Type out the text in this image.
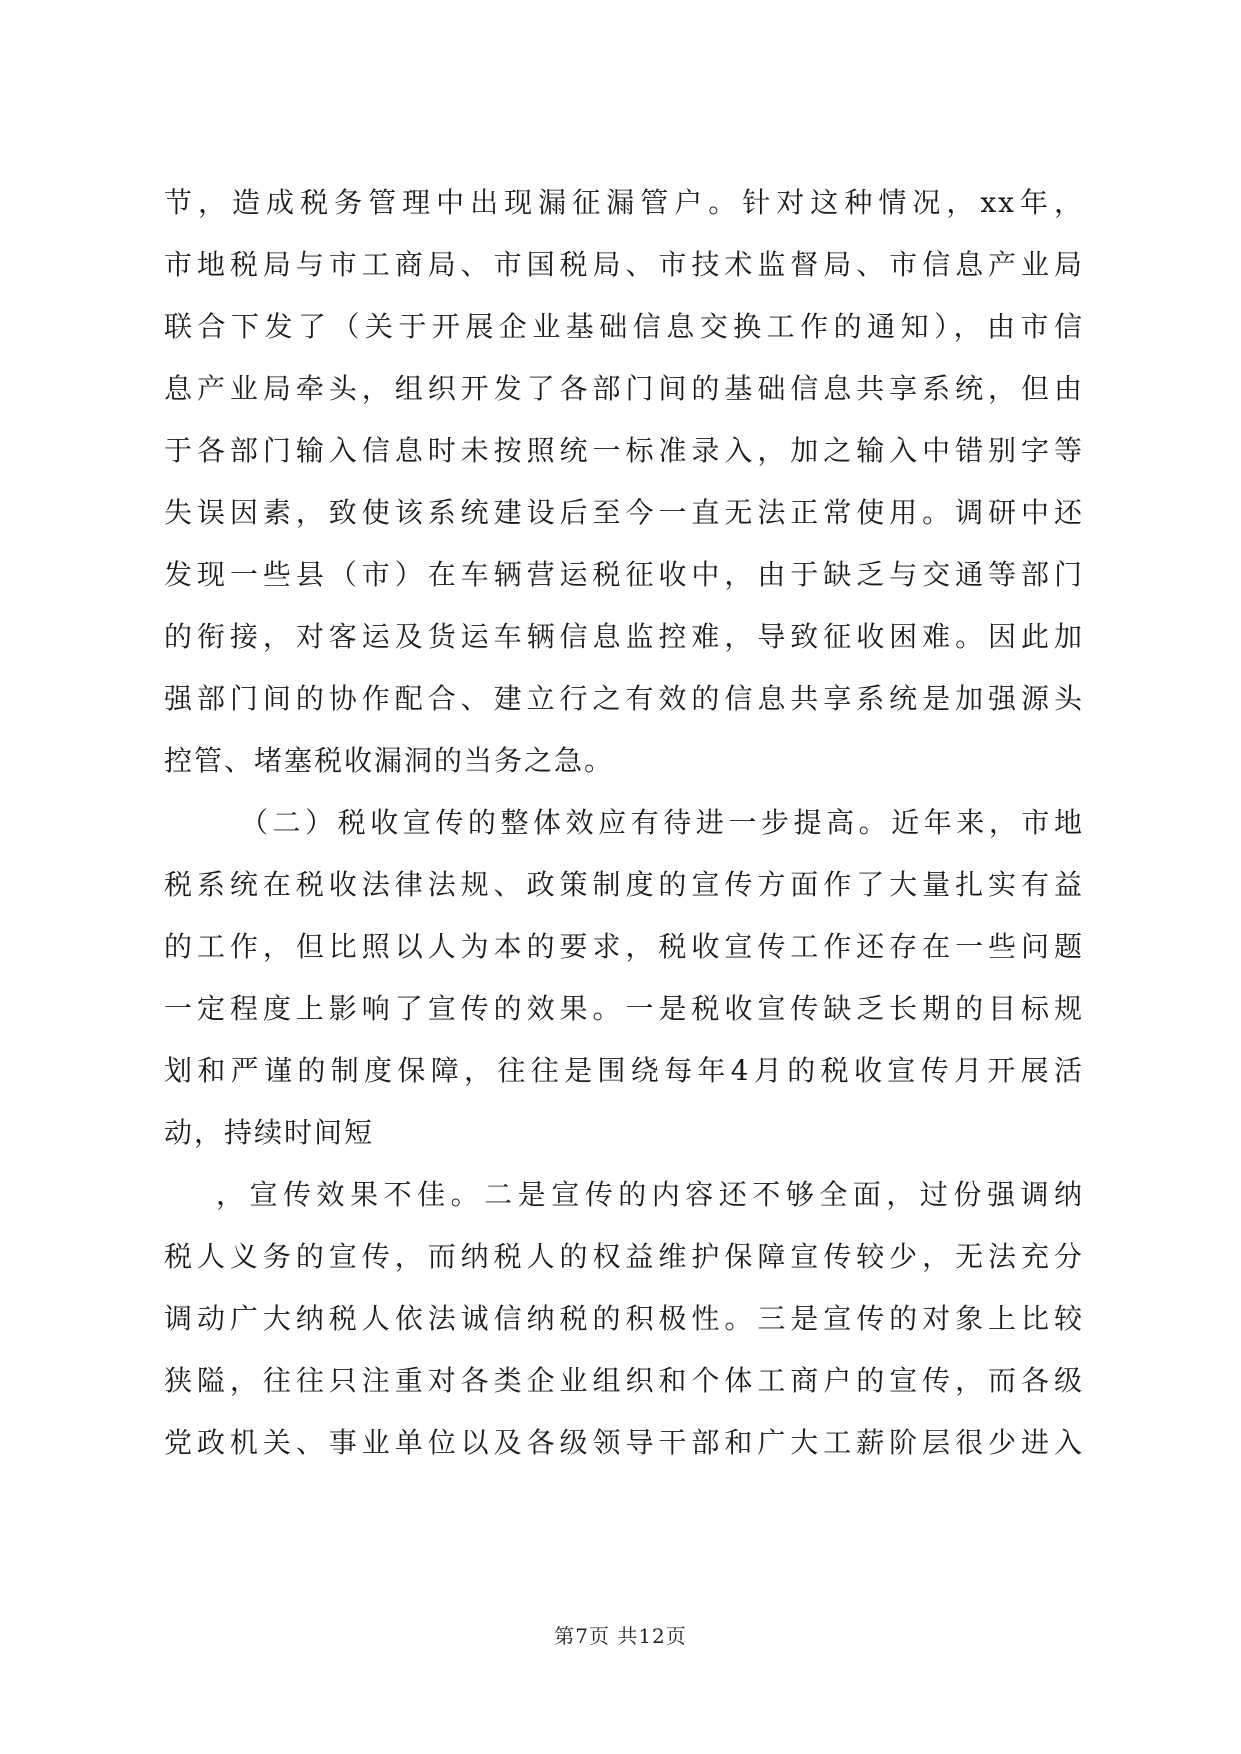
节，造成税务管理中出现漏征漏管户。针对这种情况，xx年，

市地税局与市工商局、市国税局、市技术监督局、市信息产业局

联合下发了（关于开展企业基础信息交换工作的通知），由市信

息产业局牵头，组织开发了各部门间的基础信息共享系统，但由

于各部门输入信息时未按照统一标准录入，加之输入中错别字等

失误因素，致使该系统建设后至今一直无法正常使用。调研中还

发现一些县（市）在车辆营运税征收中，由于缺乏与交通等部门

的衔接，对客运及货运车辆信息监控难，导致征收困难。因此加

强部门间的协作配合、建立行之有效的信息共享系统是加强源头

控管、堵塞税收漏洞的当务之急。

（二）税收宣传的整体效应有待进一步提高。近年来，市地

税系统在税收法律法规、政策制度的宣传方面作了大量扎实有益

的工作，但比照以人为本的要求，税收宣传工作还存在一些问题

一定程度上影响了宣传的效果。一是税收宣传缺乏长期的目标规

划和严谨的制度保障，往往是围绕每年4月的税收宣传月开展活

动，持续时间短

，宣传效果不佳。二是宣传的内容还不够全面，过份强调纳

税人义务的宣传，而纳税人的权益维护保障宣传较少，无法充分

调动广大纳税人依法诚信纳税的积极性。三是宣传的对象上比较

狭隘，往往只注重对各类企业组织和个体工商户的宣传，而各级

党政机关、事业单位以及各级领导干部和广大工薪阶层很少进入

第7页 共12页
